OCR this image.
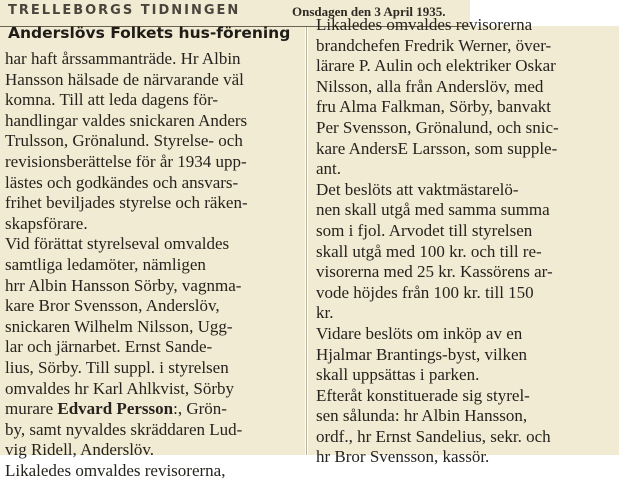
TRELLEBORGS TIDNINGEN	Onsdagen den 3 April 1935.
Anderslövs Folkets hus-förening
har haft årssammanträde. Hr Albin
Hansson hälsade de närvarande väl
komna. Till att leda dagens för-
handlingar valdes snickaren Anders
Trulsson, Grönalund. Styrelse- och
revisionsberättelse för år 1934 upp-
lästes och godkändes och ansvars-
frihet beviljades styrelse och räken-
skapsförare.
Vid förättat styrelseval omvaldes
samtliga ledamöter, nämligen
hrr Albin Hansson Sörby, vagnma-
kare Bror Svensson, Anderslöv,
snickaren Wilhelm Nilsson, Ugg-
lar och järnarbet. Ernst Sande-
lius, Sörby. Till suppl. i styrelsen
omvaldes hr Karl Ahlkvist, Sörby
murare Edvard Persson:, Grön-
by, samt nyvaldes skräddaren Lud-
vig Ridell, Anderslöv.
Likaledes omvaldes revisorerna,
Likaledes omvaldes revisorerna
brandchefen Fredrik Werner, över-
lärare P. Aulin och elektriker Oskar
Nilsson, alla från Anderslöv, med
fru Alma Falkman, Sörby, banvakt
Per Svensson, Grönalund, och snic-
kare AndersE Larsson, som supple-
ant.
Det beslöts att vaktmästarelö-
nen skall utgå med samma summa
som i fjol. Arvodet till styrelsen
skall utgå med 100 kr. och till re-
visorerna med 25 kr. Kassörens ar-
vode höjdes från 100 kr. till 150
kr.
Vidare beslöts om inköp av en
Hjalmar Brantings-byst, vilken
skall uppsättas i parken.
Efteråt konstituerade sig styrel-
sen sålunda: hr Albin Hansson,
ordf., hr Ernst Sandelius, sekr. och
hr Bror Svensson, kassör.
